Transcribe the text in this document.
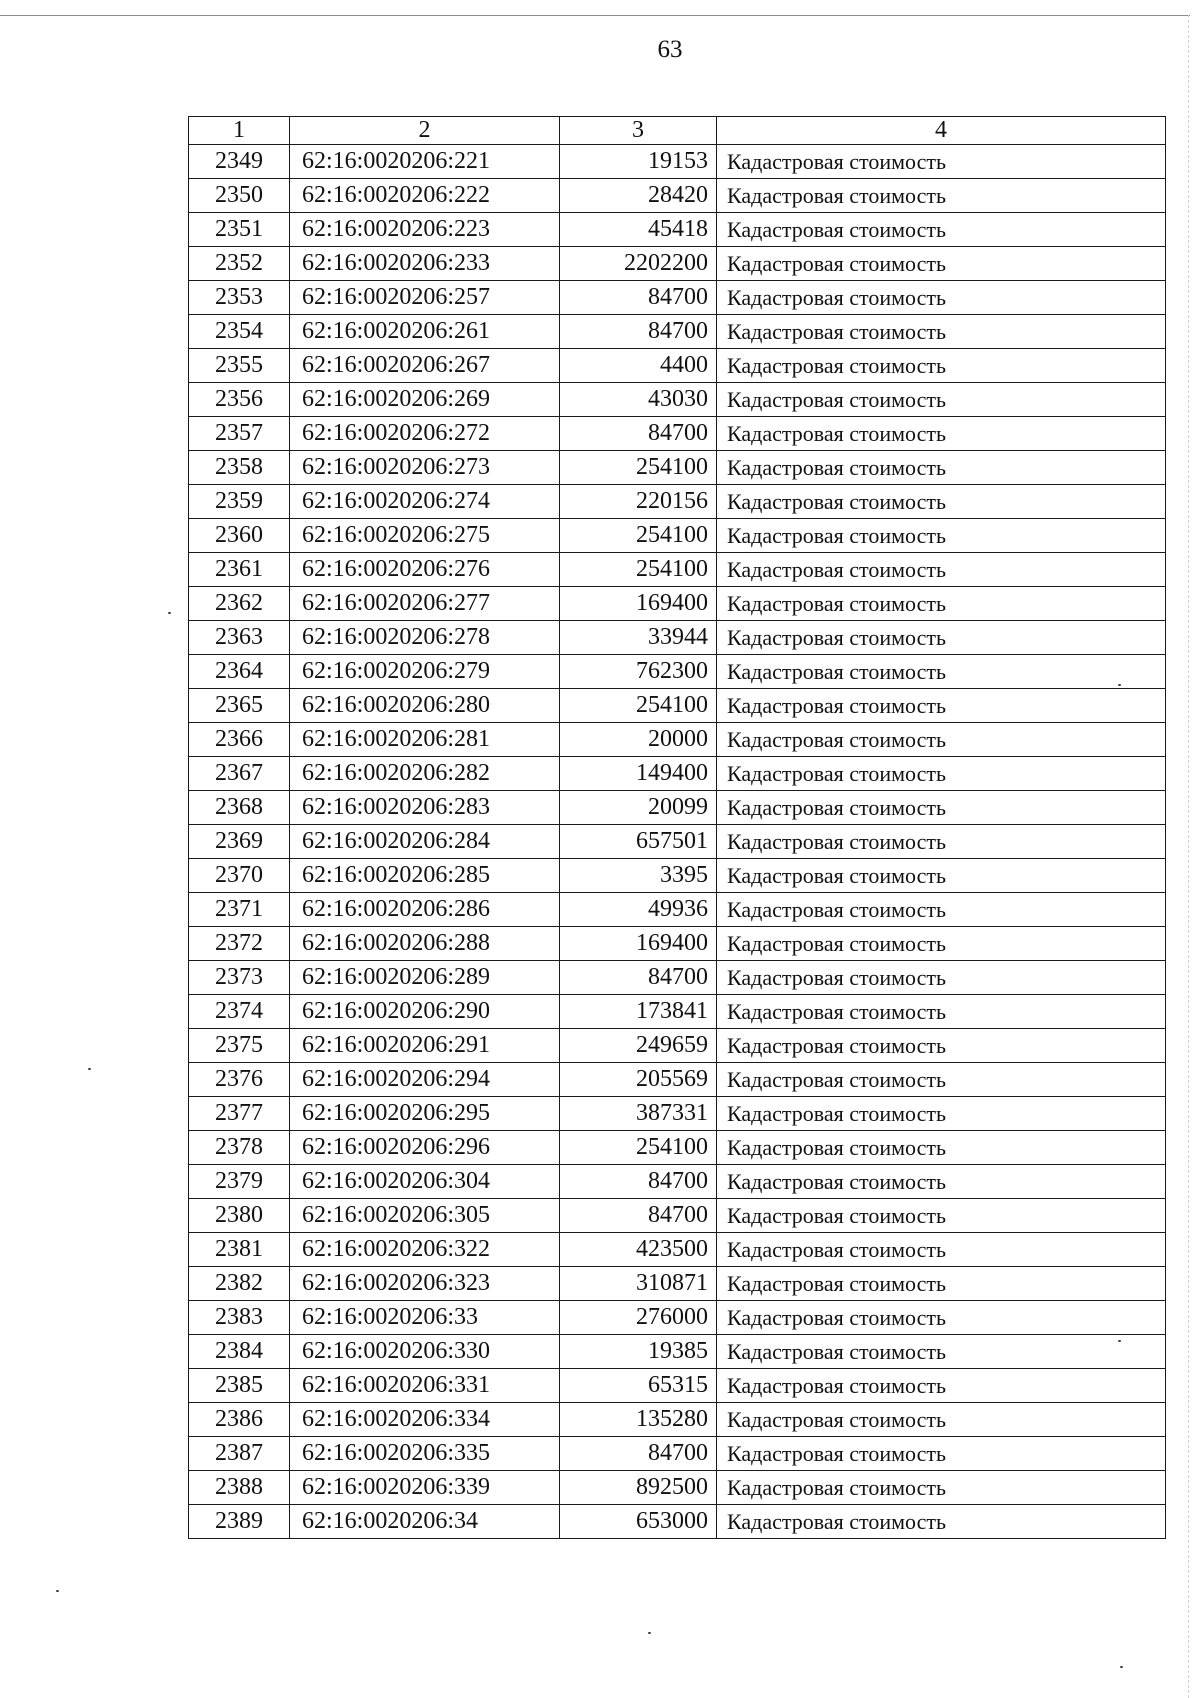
63
1	2	3	4
2349	62:16:0020206:221	19153	Кадастровая стоимость
2350	62:16:0020206:222	28420	Кадастровая стоимость
2351	62:16:0020206:223	45418	Кадастровая стоимость
2352	62:16:0020206:233	2202200	Кадастровая стоимость
2353	62:16:0020206:257	84700	Кадастровая стоимость
2354	62:16:0020206:261	84700	Кадастровая стоимость
2355	62:16:0020206:267	4400	Кадастровая стоимость
2356	62:16:0020206:269	43030	Кадастровая стоимость
2357	62:16:0020206:272	84700	Кадастровая стоимость
2358	62:16:0020206:273	254100	Кадастровая стоимость
2359	62:16:0020206:274	220156	Кадастровая стоимость
2360	62:16:0020206:275	254100	Кадастровая стоимость
2361	62:16:0020206:276	254100	Кадастровая стоимость
2362	62:16:0020206:277	169400	Кадастровая стоимость
2363	62:16:0020206:278	33944	Кадастровая стоимость
2364	62:16:0020206:279	762300	Кадастровая стоимость
2365	62:16:0020206:280	254100	Кадастровая стоимость
2366	62:16:0020206:281	20000	Кадастровая стоимость
2367	62:16:0020206:282	149400	Кадастровая стоимость
2368	62:16:0020206:283	20099	Кадастровая стоимость
2369	62:16:0020206:284	657501	Кадастровая стоимость
2370	62:16:0020206:285	3395	Кадастровая стоимость
2371	62:16:0020206:286	49936	Кадастровая стоимость
2372	62:16:0020206:288	169400	Кадастровая стоимость
2373	62:16:0020206:289	84700	Кадастровая стоимость
2374	62:16:0020206:290	173841	Кадастровая стоимость
2375	62:16:0020206:291	249659	Кадастровая стоимость
2376	62:16:0020206:294	205569	Кадастровая стоимость
2377	62:16:0020206:295	387331	Кадастровая стоимость
2378	62:16:0020206:296	254100	Кадастровая стоимость
2379	62:16:0020206:304	84700	Кадастровая стоимость
2380	62:16:0020206:305	84700	Кадастровая стоимость
2381	62:16:0020206:322	423500	Кадастровая стоимость
2382	62:16:0020206:323	310871	Кадастровая стоимость
2383	62:16:0020206:33	276000	Кадастровая стоимость
2384	62:16:0020206:330	19385	Кадастровая стоимость
2385	62:16:0020206:331	65315	Кадастровая стоимость
2386	62:16:0020206:334	135280	Кадастровая стоимость
2387	62:16:0020206:335	84700	Кадастровая стоимость
2388	62:16:0020206:339	892500	Кадастровая стоимость
2389	62:16:0020206:34	653000	Кадастровая стоимость
